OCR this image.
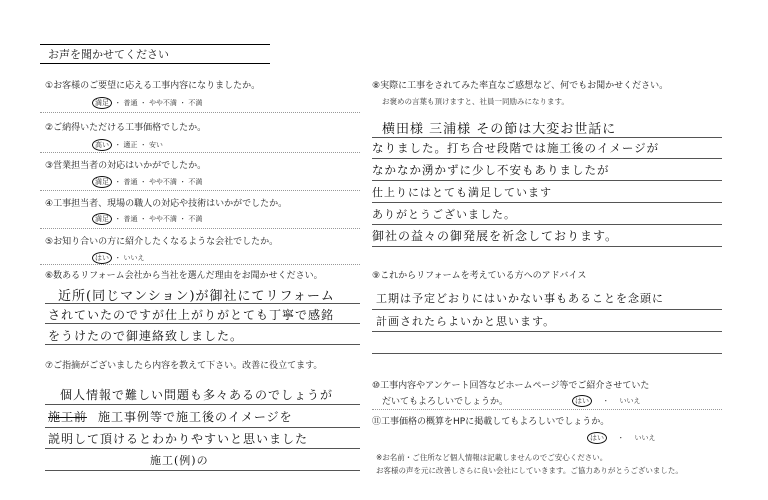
お声を聞かせてください
①お客様のご要望に応える工事内容になりましたか。
満足 ・ 普通 ・ やや不満 ・ 不満
②ご納得いただける工事価格でしたか。
高い ・ 適正 ・ 安い
③営業担当者の対応はいかがでしたか。
満足 ・ 普通 ・ やや不満 ・ 不満
④工事担当者、現場の職人の対応や技術はいかがでしたか。
満足 ・ 普通 ・ やや不満 ・ 不満
⑤お知り合いの方に紹介したくなるような会社でしたか。
はい ・ いいえ
⑥数あるリフォーム会社から当社を選んだ理由をお聞かせください。
近所(同じマンション)が御社にてリフォーム
されていたのですが仕上がりがとても丁寧で感銘
をうけたので御連絡致しました。
⑦ご指摘がございましたら内容を教えて下さい。改善に役立てます。
個人情報で難しい問題も多々あるのでしょうが
施工前 施工事例等で施工後のイメージを
説明して頂けるとわかりやすいと思いました
施工(例)の
⑧実際に工事をされてみた率直なご感想など、何でもお聞かせください。
お褒めの言葉も頂けますと、社員一同励みになります。
横田様 三浦様 その節は大変お世話に
なりました。打ち合せ段階では施工後のイメージが
なかなか湧かずに少し不安もありましたが
仕上りにはとても満足しています
ありがとうございました。
御社の益々の御発展を祈念しております。
⑨これからリフォームを考えている方へのアドバイス
工期は予定どおりにはいかない事もあることを念頭に
計画されたらよいかと思います。
⑩工事内容やアンケート回答などホームページ等でご紹介させていた
だいてもよろしいでしょうか。	はい ・ いいえ
⑪工事価格の概算をHPに掲載してもよろしいでしょうか。
はい ・ いいえ
※お名前・ご住所など個人情報は記載しませんのでご安心ください。
お客様の声を元に改善しさらに良い会社にしていきます。ご協力ありがとうございました。
